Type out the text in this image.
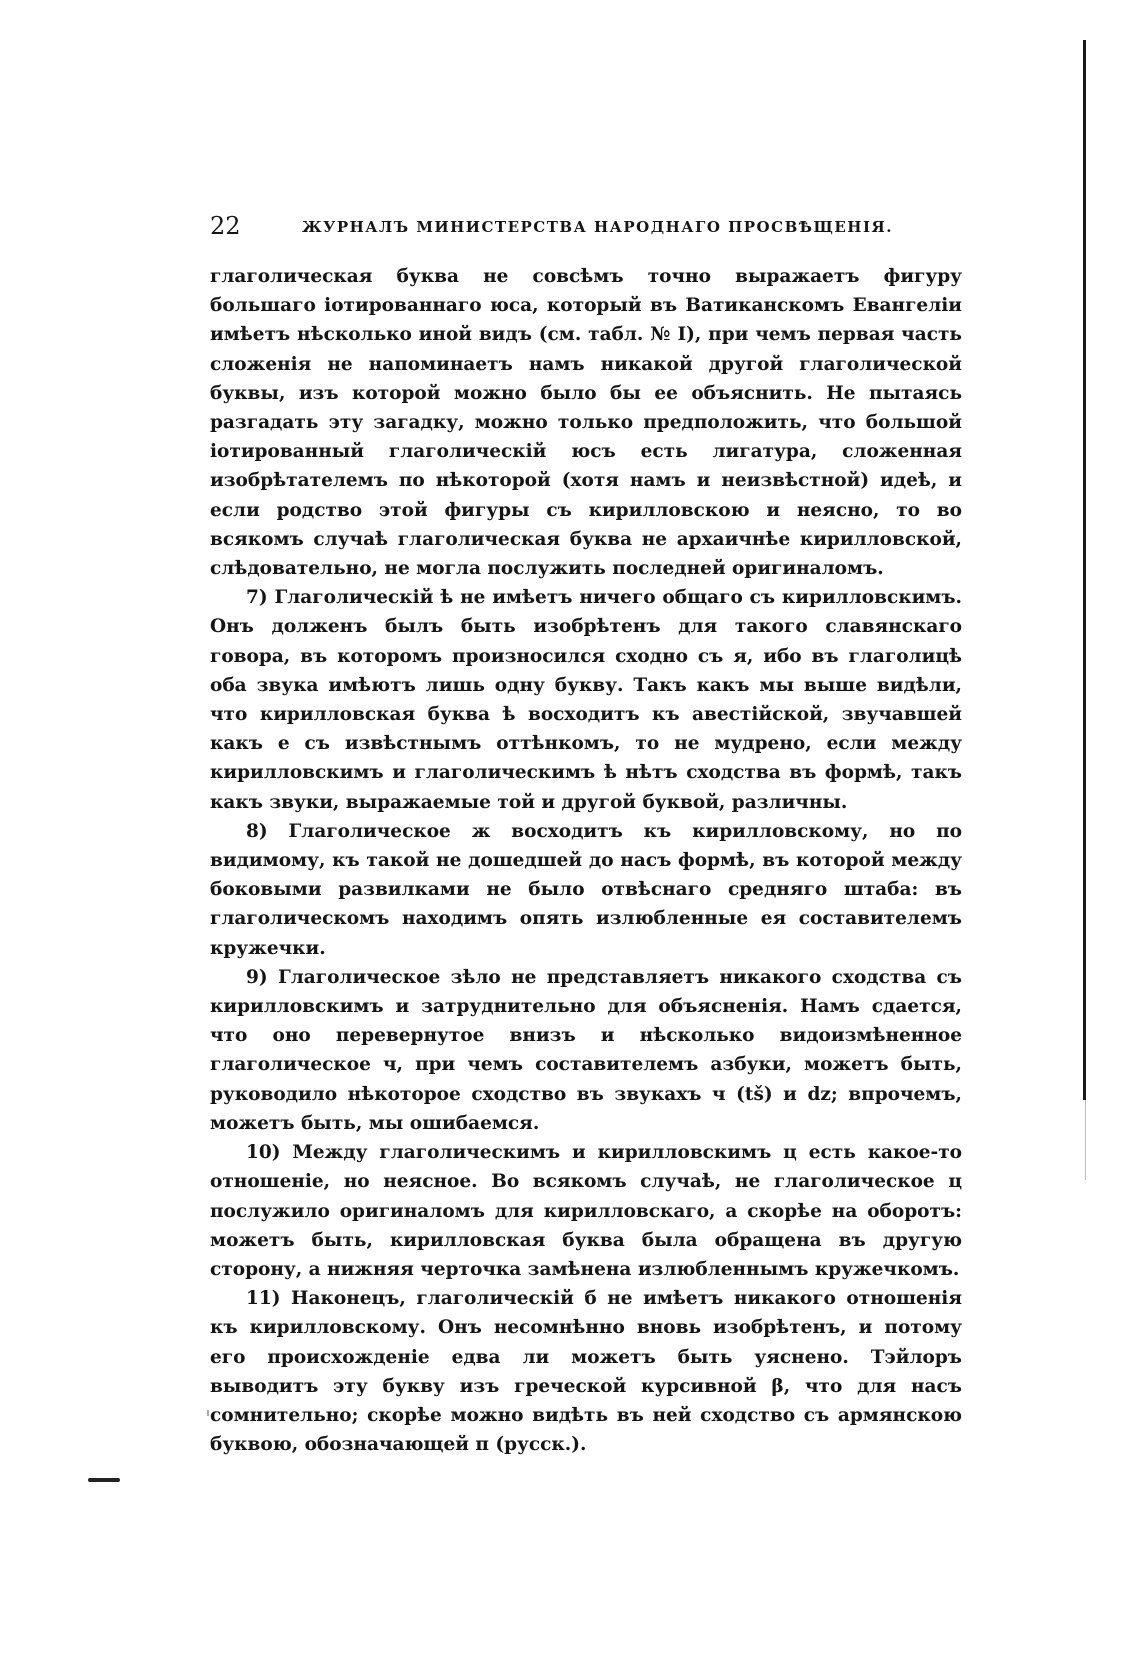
22	ЖУРНАЛЪ МИНИСТЕРСТВА НАРОДНАГО ПРОСВѢЩЕНІЯ.

глаголическая буква не совсѣмъ точно выражаетъ фигуру большаго іотированнаго юса, который въ Ватиканскомъ Евангеліи имѣетъ нѣсколько иной видъ (см. табл. № I), при чемъ первая часть сложенія не напоминаетъ намъ никакой другой глаголической буквы, изъ которой можно было бы ее объяснить. Не пытаясь разгадать эту загадку, можно только предположить, что большой іотированный глаголическій юсъ есть лигатура, сложенная изобрѣтателемъ по нѣкоторой (хотя намъ и неизвѣстной) идеѣ, и если родство этой фигуры съ кирилловскою и неясно, то во всякомъ случаѣ глаголическая буква не архаичнѣе кирилловской, слѣдовательно, не могла послужить последней оригиналомъ.

7) Глаголическій ѣ не имѣетъ ничего общаго съ кирилловскимъ. Онъ долженъ былъ быть изобрѣтенъ для такого славянскаго говора, въ которомъ произносился сходно съ я, ибо въ глаголицѣ оба звука имѣютъ лишь одну букву. Такъ какъ мы выше видѣли, что кирилловская буква ѣ восходитъ къ авестійской, звучавшей какъ е съ извѣстнымъ оттѣнкомъ, то не мудрено, если между кирилловскимъ и глаголическимъ ѣ нѣтъ сходства въ формѣ, такъ какъ звуки, выражаемые той и другой буквой, различны.

8) Глаголическое ж восходитъ къ кирилловскому, но по видимому, къ такой не дошедшей до насъ формѣ, въ которой между боковыми развилками не было отвѣснаго средняго штаба: въ глаголическомъ находимъ опять излюбленные ея составителемъ кружечки.

9) Глаголическое зѣло не представляетъ никакого сходства съ кирилловскимъ и затруднительно для объясненія. Намъ сдается, что оно перевернутое внизъ и нѣсколько видоизмѣненное глаголическое ч, при чемъ составителемъ азбуки, можетъ быть, руководило нѣкоторое сходство въ звукахъ ч (tš) и dz; впрочемъ, можетъ быть, мы ошибаемся.

10) Между глаголическимъ и кирилловскимъ ц есть какое-то отношеніе, но неясное. Во всякомъ случаѣ, не глаголическое ц послужило оригиналомъ для кирилловскаго, а скорѣе на оборотъ: можетъ быть, кирилловская буква была обращена въ другую сторону, а нижняя черточка замѣнена излюбленнымъ кружечкомъ.

11) Наконецъ, глаголическій б не имѣетъ никакого отношенія къ кирилловскому. Онъ несомнѣнно вновь изобрѣтенъ, и потому его происхожденіе едва ли можетъ быть уяснено. Тэйлоръ выводитъ эту букву изъ греческой курсивной β, что для насъ сомнительно; скорѣе можно видѣть въ ней сходство съ армянскою буквою, обозначающей п (русск.).
